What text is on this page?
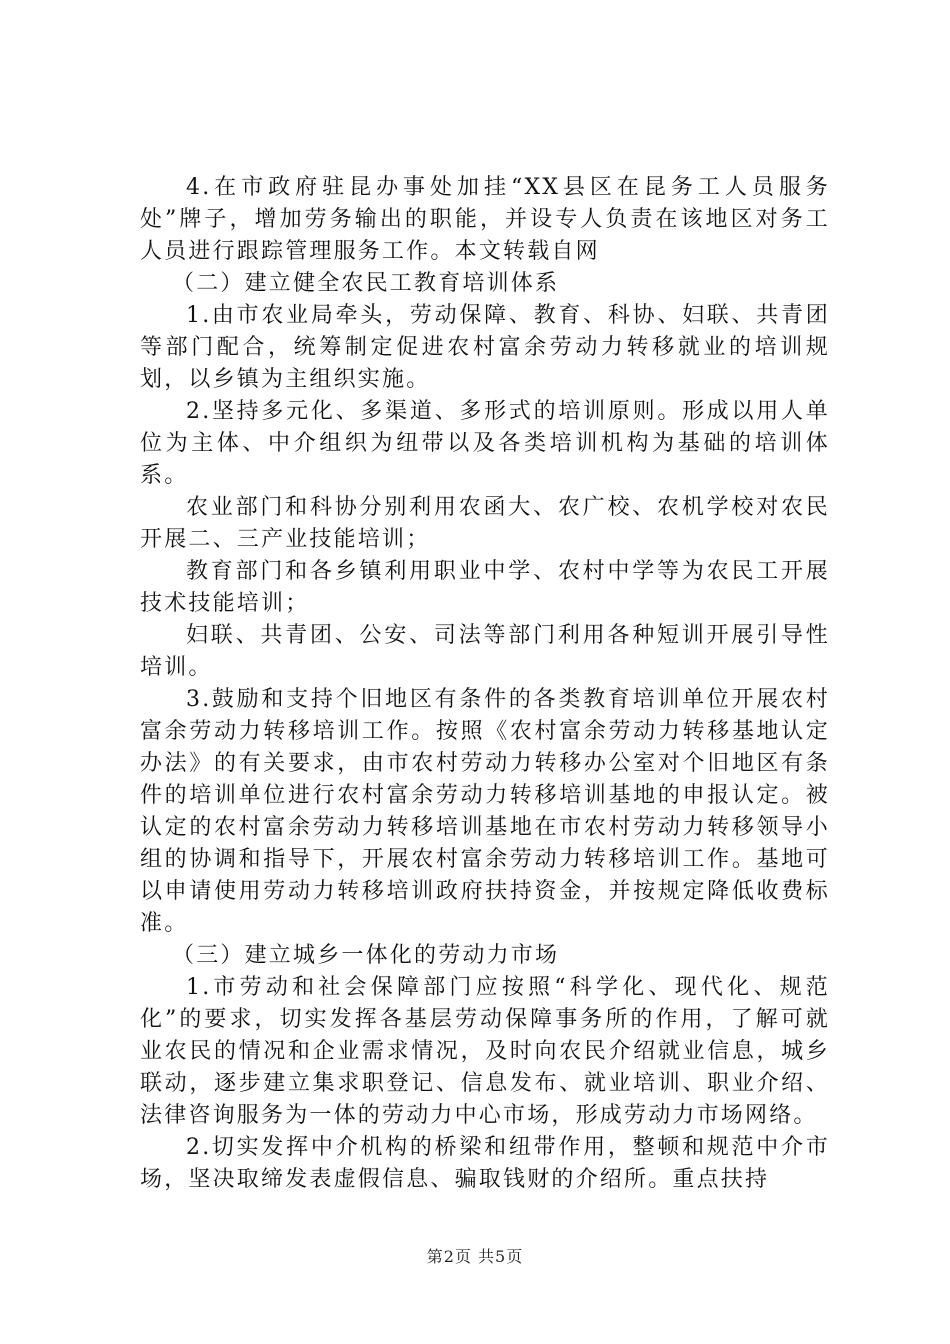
4.在市政府驻昆办事处加挂“XX县区在昆务工人员服务处”牌子，增加劳务输出的职能，并设专人负责在该地区对务工人员进行跟踪管理服务工作。本文转载自网

（二）建立健全农民工教育培训体系

1.由市农业局牵头，劳动保障、教育、科协、妇联、共青团等部门配合，统筹制定促进农村富余劳动力转移就业的培训规划，以乡镇为主组织实施。

2.坚持多元化、多渠道、多形式的培训原则。形成以用人单位为主体、中介组织为纽带以及各类培训机构为基础的培训体系。

农业部门和科协分别利用农函大、农广校、农机学校对农民开展二、三产业技能培训；

教育部门和各乡镇利用职业中学、农村中学等为农民工开展技术技能培训；

妇联、共青团、公安、司法等部门利用各种短训开展引导性培训。

3.鼓励和支持个旧地区有条件的各类教育培训单位开展农村富余劳动力转移培训工作。按照《农村富余劳动力转移基地认定办法》的有关要求，由市农村劳动力转移办公室对个旧地区有条件的培训单位进行农村富余劳动力转移培训基地的申报认定。被认定的农村富余劳动力转移培训基地在市农村劳动力转移领导小组的协调和指导下，开展农村富余劳动力转移培训工作。基地可以申请使用劳动力转移培训政府扶持资金，并按规定降低收费标准。

（三）建立城乡一体化的劳动力市场

1.市劳动和社会保障部门应按照“科学化、现代化、规范化”的要求，切实发挥各基层劳动保障事务所的作用，了解可就业农民的情况和企业需求情况，及时向农民介绍就业信息，城乡联动，逐步建立集求职登记、信息发布、就业培训、职业介绍、法律咨询服务为一体的劳动力中心市场，形成劳动力市场网络。

2.切实发挥中介机构的桥梁和纽带作用，整顿和规范中介市场，坚决取缔发表虚假信息、骗取钱财的介绍所。重点扶持

第2页 共5页
